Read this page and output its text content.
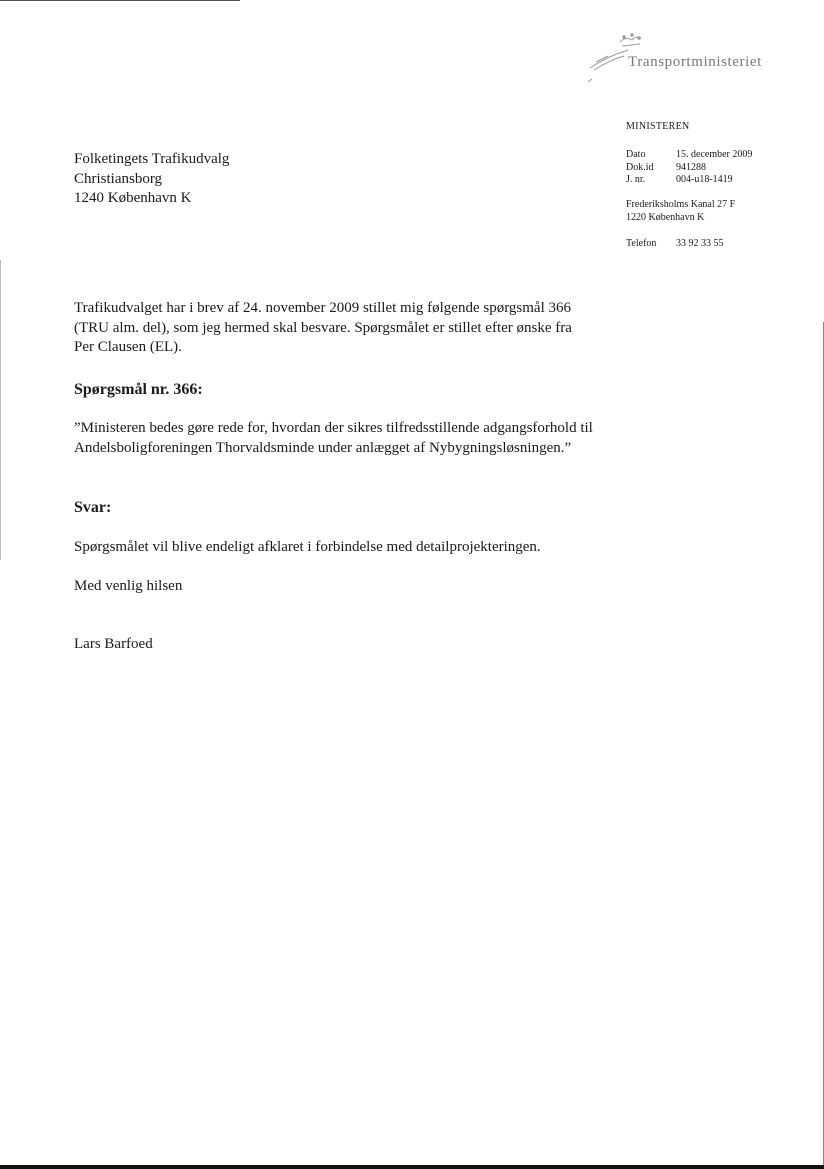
Transportministeriet
MINISTEREN
Dato	15. december 2009
Dok.id	941288
J. nr.	004-u18-1419
Frederiksholms Kanal 27 F
1220 København K
Telefon	33 92 33 55
Folketingets Trafikudvalg
Christiansborg
1240 København K
Trafikudvalget har i brev af 24. november 2009 stillet mig følgende spørgsmål 366 (TRU alm. del), som jeg hermed skal besvare. Spørgsmålet er stillet efter ønske fra Per Clausen (EL).
Spørgsmål nr. 366:
”Ministeren bedes gøre rede for, hvordan der sikres tilfredsstillende adgangsforhold til Andelsboligforeningen Thorvaldsminde under anlægget af Nybygningsløsningen.”
Svar:
Spørgsmålet vil blive endeligt afklaret i forbindelse med detailprojekteringen.
Med venlig hilsen
Lars Barfoed
